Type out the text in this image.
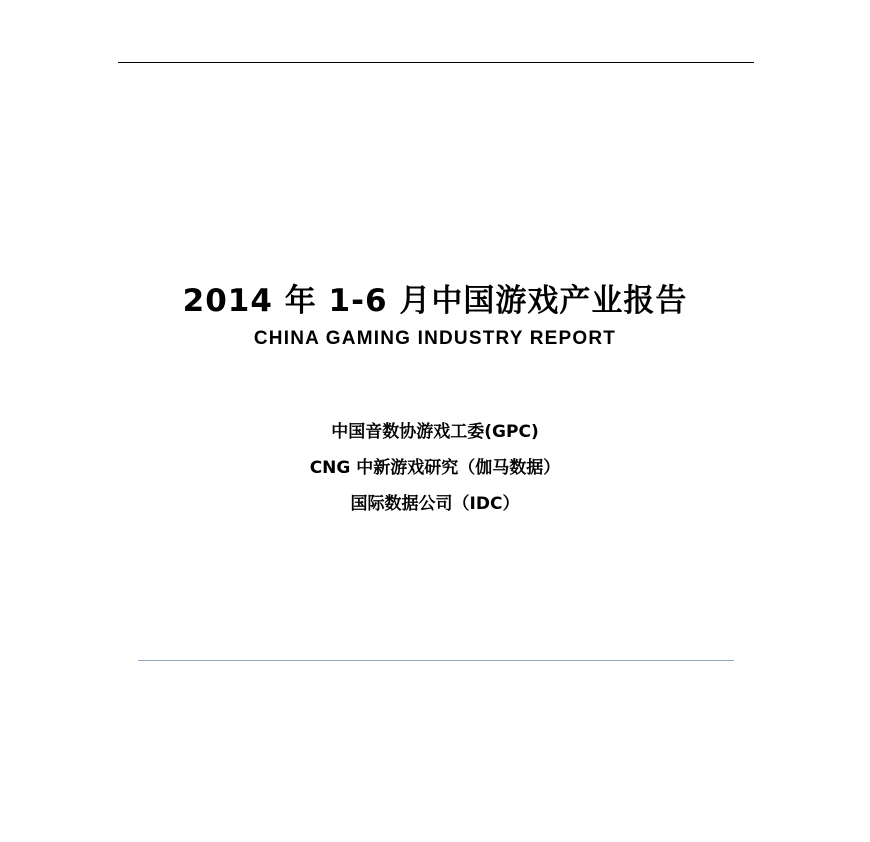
2014 年 1-6 月中国游戏产业报告
CHINA GAMING INDUSTRY REPORT
中国音数协游戏工委(GPC)
CNG 中新游戏研究（伽马数据）
国际数据公司（IDC）
